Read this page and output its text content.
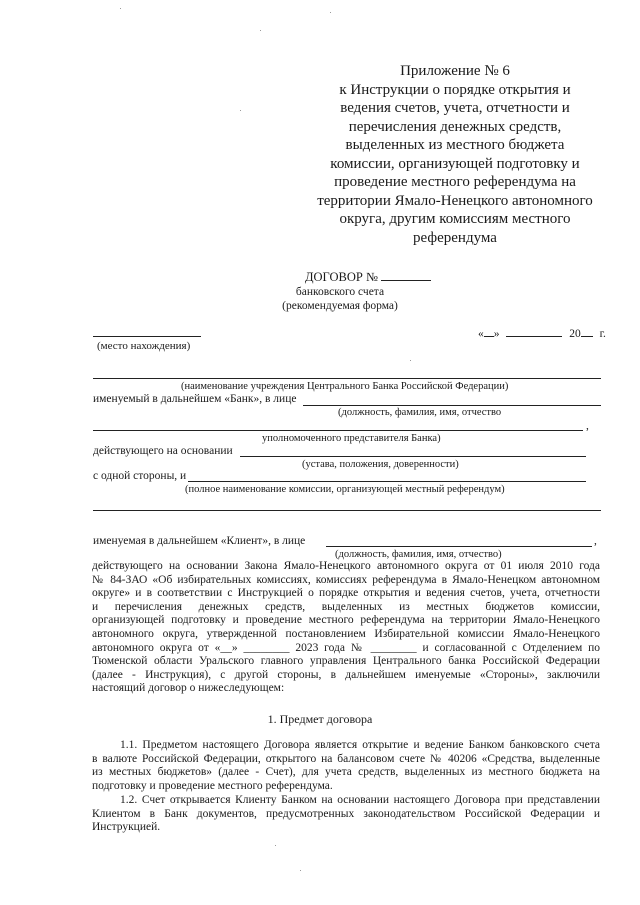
Приложение № 6
к Инструкции о порядке открытия и
ведения счетов, учета, отчетности и
перечисления денежных средств,
выделенных из местного бюджета
комиссии, организующей подготовку и
проведение местного референдума на
территории Ямало-Ненецкого автономного
округа, другим комиссиям местного
референдума
ДОГОВОР №
банковского счета
(рекомендуемая форма)
(место нахождения)
« »	20 г.
(наименование учреждения Центрального Банка Российской Федерации)
именуемый в дальнейшем «Банк», в лице
(должность, фамилия, имя, отчество
,
уполномоченного представителя Банка)
действующего на основании
(устава, положения, доверенности)
с одной стороны, и
(полное наименование комиссии, организующей местный референдум)
именуемая в дальнейшем «Клиент», в лице	,
(должность, фамилия, имя, отчество)
действующего на основании Закона Ямало-Ненецкого автономного округа от 01 июля 2010 года
№ 84-ЗАО «Об избирательных комиссиях, комиссиях референдума в Ямало-Ненецком автономном
округе» и в соответствии с Инструкцией о порядке открытия и ведения счетов, учета, отчетности
и перечисления денежных средств, выделенных из местных бюджетов комиссии,
организующей подготовку и проведение местного референдума на территории Ямало-Ненецкого
автономного округа, утвержденной постановлением Избирательной комиссии Ямало-Ненецкого
автономного округа от «__» ________ 2023 года № ________ и согласованной с Отделением по
Тюменской области Уральского главного управления Центрального банка Российской Федерации
(далее - Инструкция), с другой стороны, в дальнейшем именуемые «Стороны», заключили
настоящий договор о нижеследующем:
1. Предмет договора
1.1. Предметом настоящего Договора является открытие и ведение Банком банковского счета
в валюте Российской Федерации, открытого на балансовом счете № 40206 «Средства, выделенные
из местных бюджетов» (далее - Счет), для учета средств, выделенных из местного бюджета на
подготовку и проведение местного референдума.
1.2. Счет открывается Клиенту Банком на основании настоящего Договора при представлении
Клиентом в Банк документов, предусмотренных законодательством Российской Федерации и
Инструкцией.
